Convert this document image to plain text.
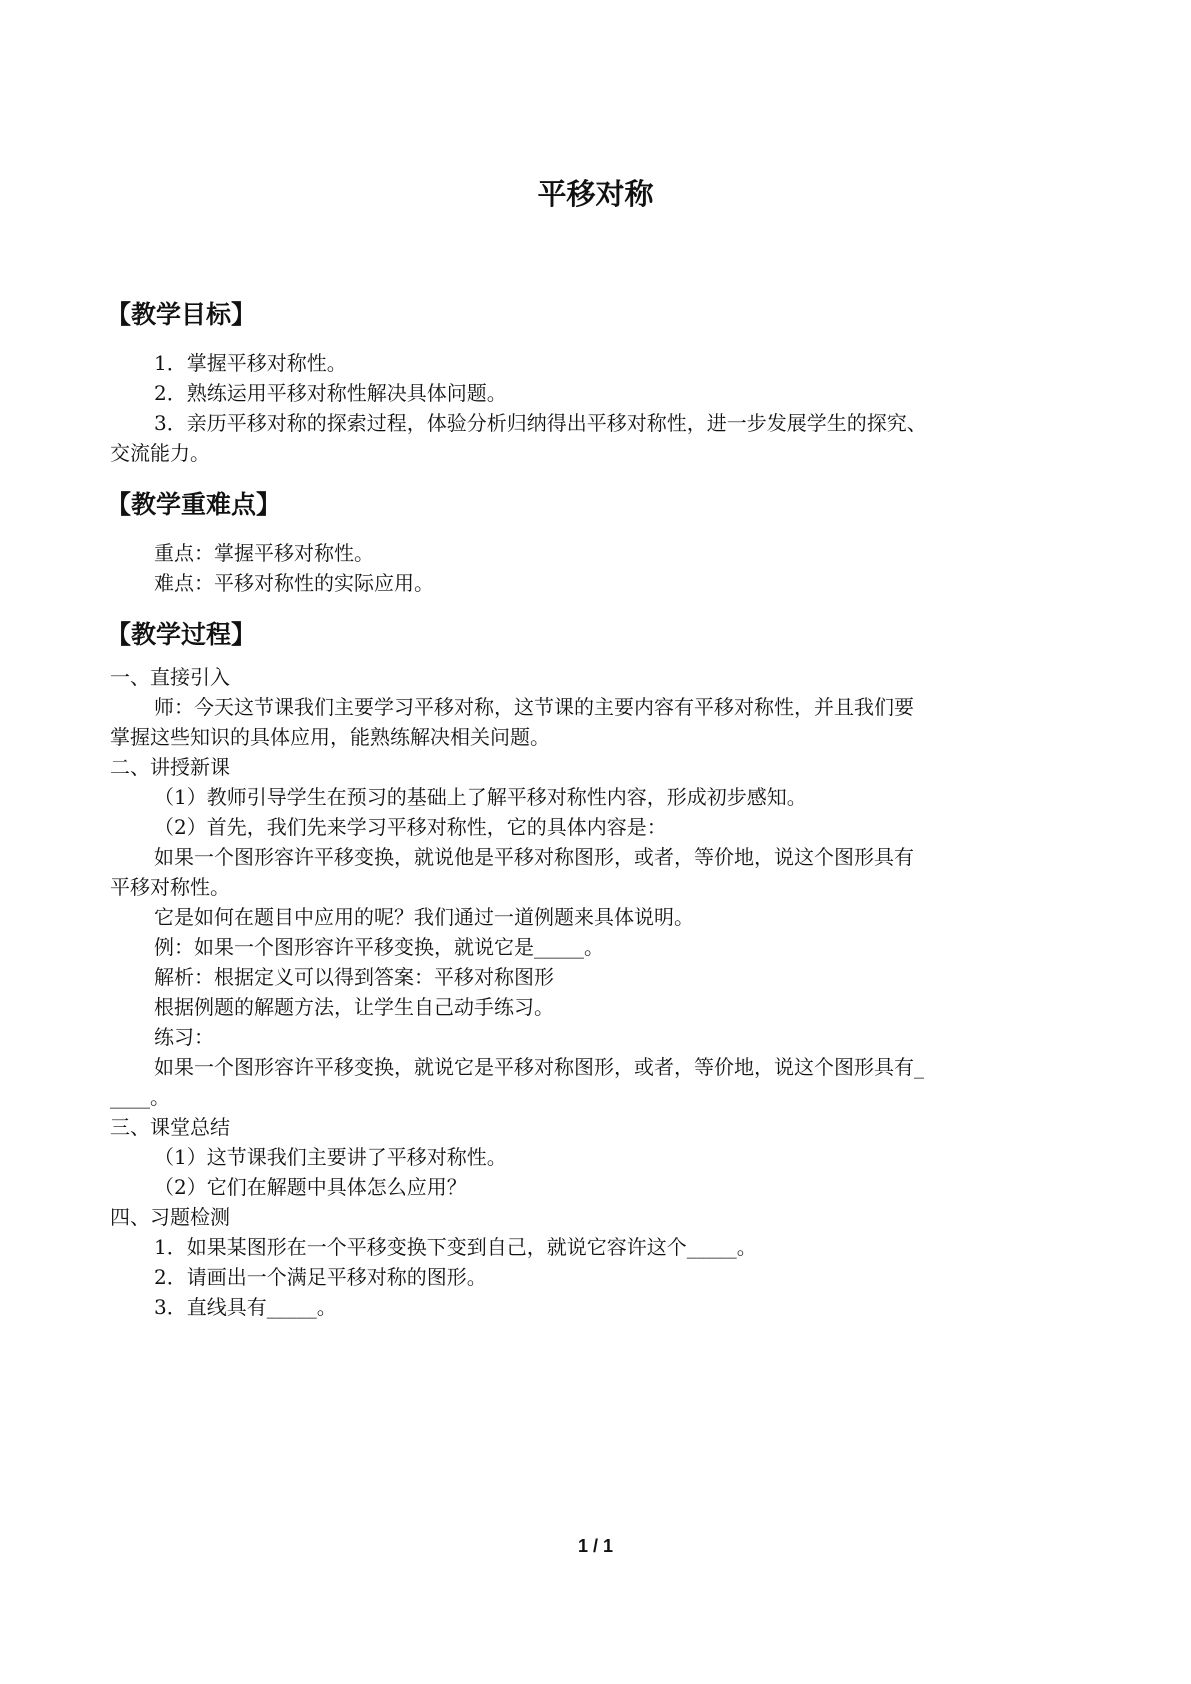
平移对称
【教学目标】

1．掌握平移对称性。

2．熟练运用平移对称性解决具体问题。

3．亲历平移对称的探索过程，体验分析归纳得出平移对称性，进一步发展学生的探究、

交流能力。

【教学重难点】

重点：掌握平移对称性。

难点：平移对称性的实际应用。

【教学过程】

一、直接引入

师：今天这节课我们主要学习平移对称，这节课的主要内容有平移对称性，并且我们要

掌握这些知识的具体应用，能熟练解决相关问题。

二、讲授新课

（1）教师引导学生在预习的基础上了解平移对称性内容，形成初步感知。

（2）首先，我们先来学习平移对称性，它的具体内容是：

如果一个图形容许平移变换，就说他是平移对称图形，或者，等价地，说这个图形具有

平移对称性。

它是如何在题目中应用的呢？我们通过一道例题来具体说明。

例：如果一个图形容许平移变换，就说它是_____。

解析：根据定义可以得到答案：平移对称图形

根据例题的解题方法，让学生自己动手练习。

练习：

如果一个图形容许平移变换，就说它是平移对称图形，或者，等价地，说这个图形具有_

____。

三、课堂总结

（1）这节课我们主要讲了平移对称性。

（2）它们在解题中具体怎么应用？

四、习题检测

1．如果某图形在一个平移变换下变到自己，就说它容许这个_____。

2．请画出一个满足平移对称的图形。

3．直线具有_____。

1 / 1
